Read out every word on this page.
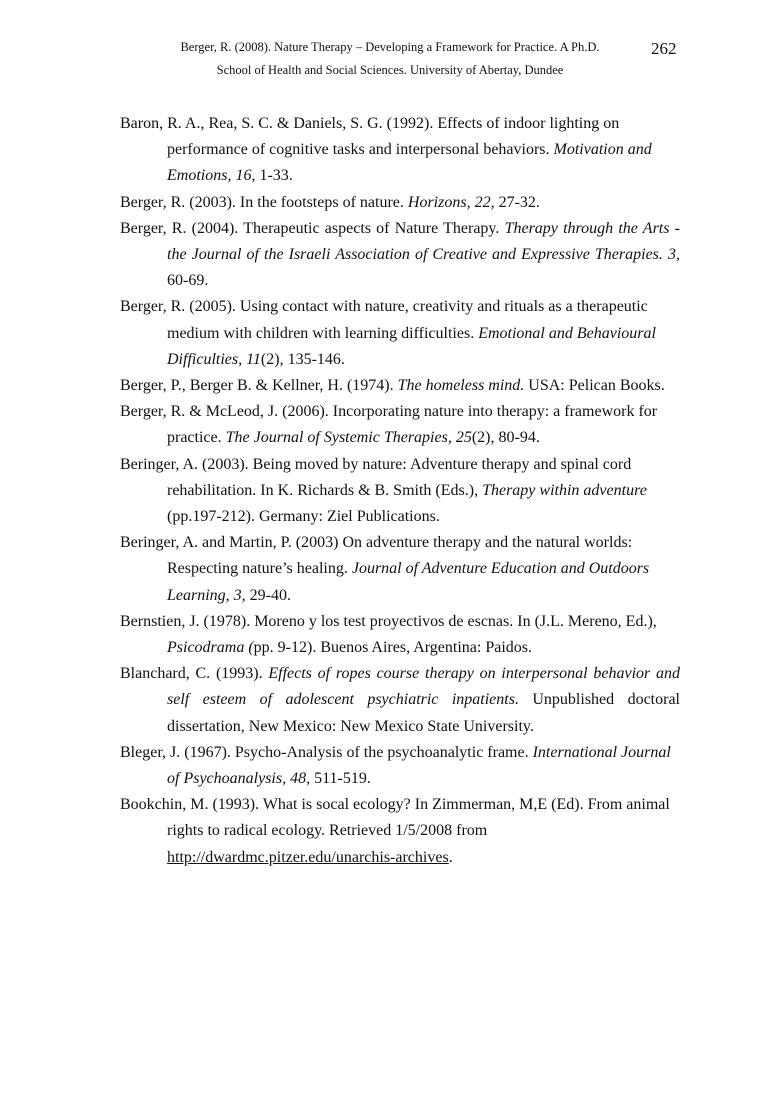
Berger, R. (2008). Nature Therapy – Developing a Framework for Practice. A Ph.D.
School of Health and Social Sciences. University of Abertay, Dundee
262

Baron, R. A., Rea, S. C. & Daniels, S. G. (1992). Effects of indoor lighting on performance of cognitive tasks and interpersonal behaviors. Motivation and Emotions, 16, 1-33.

Berger, R. (2003). In the footsteps of nature. Horizons, 22, 27-32.

Berger, R. (2004). Therapeutic aspects of Nature Therapy. Therapy through the Arts - the Journal of the Israeli Association of Creative and Expressive Therapies. 3, 60-69.

Berger, R. (2005). Using contact with nature, creativity and rituals as a therapeutic medium with children with learning difficulties. Emotional and Behavioural Difficulties, 11(2), 135-146.

Berger, P., Berger B. & Kellner, H. (1974). The homeless mind. USA: Pelican Books.

Berger, R. & McLeod, J. (2006). Incorporating nature into therapy: a framework for practice. The Journal of Systemic Therapies, 25(2), 80-94.

Beringer, A. (2003). Being moved by nature: Adventure therapy and spinal cord rehabilitation. In K. Richards & B. Smith (Eds.), Therapy within adventure (pp.197-212). Germany: Ziel Publications.

Beringer, A. and Martin, P. (2003) On adventure therapy and the natural worlds: Respecting nature’s healing. Journal of Adventure Education and Outdoors Learning, 3, 29-40.

Bernstien, J. (1978). Moreno y los test proyectivos de escnas. In (J.L. Mereno, Ed.), Psicodrama (pp. 9-12). Buenos Aires, Argentina: Paidos.

Blanchard, C. (1993). Effects of ropes course therapy on interpersonal behavior and self esteem of adolescent psychiatric inpatients. Unpublished doctoral dissertation, New Mexico: New Mexico State University.

Bleger, J. (1967). Psycho-Analysis of the psychoanalytic frame. International Journal of Psychoanalysis, 48, 511-519.

Bookchin, M. (1993). What is socal ecology? In Zimmerman, M,E (Ed). From animal rights to radical ecology. Retrieved 1/5/2008 from http://dwardmc.pitzer.edu/unarchis-archives.
